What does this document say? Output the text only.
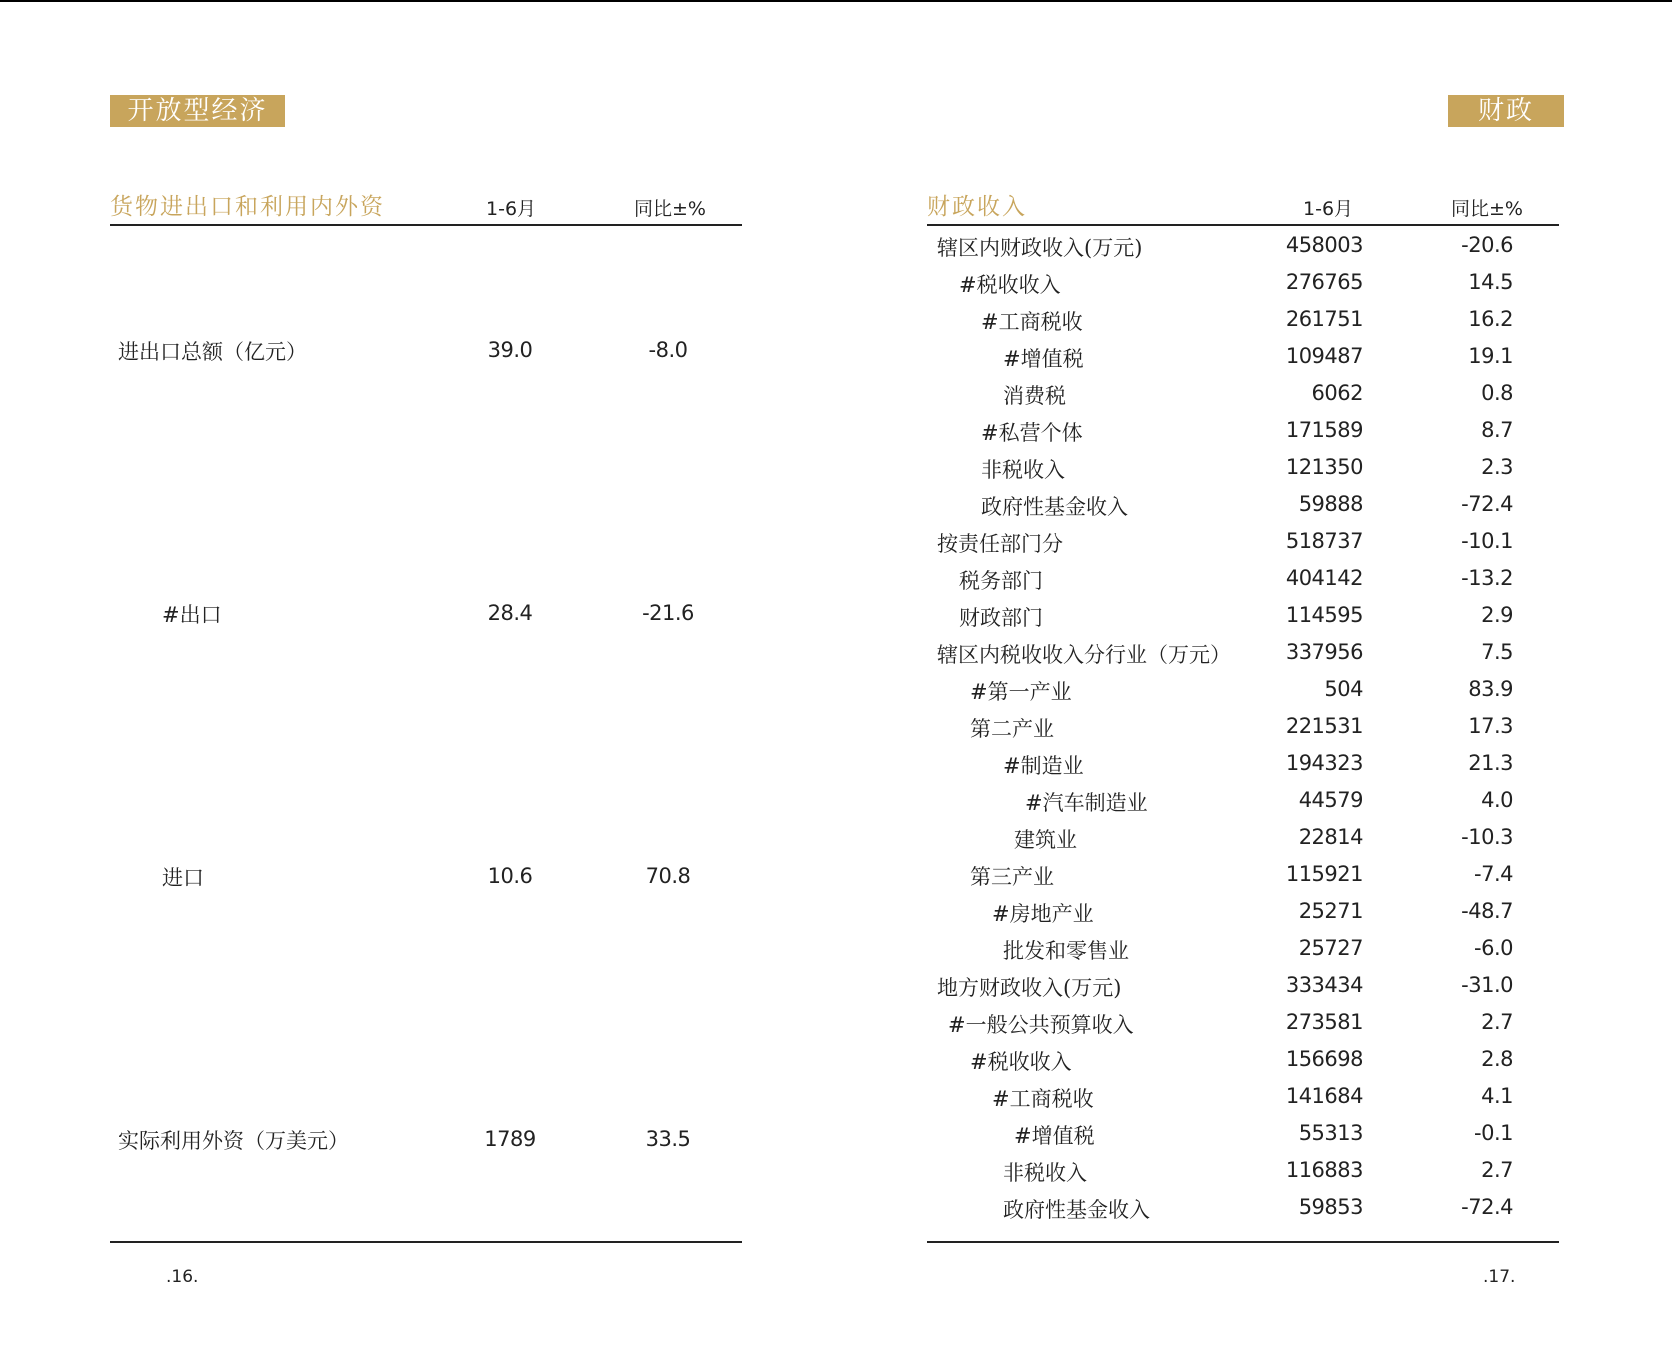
开放型经济	财政
货物进出口和利用内外资	1-6月	同比±%
进出口总额（亿元）	39.0	-8.0
#出口	28.4	-21.6
进口	10.6	70.8
实际利用外资（万美元）	1789	33.5
财政收入	1-6月	同比±%
辖区内财政收入(万元)	458003	-20.6
#税收收入	276765	14.5
#工商税收	261751	16.2
#增值税	109487	19.1
消费税	6062	0.8
#私营个体	171589	8.7
非税收入	121350	2.3
政府性基金收入	59888	-72.4
按责任部门分	518737	-10.1
税务部门	404142	-13.2
财政部门	114595	2.9
辖区内税收收入分行业（万元）	337956	7.5
#第一产业	504	83.9
第二产业	221531	17.3
#制造业	194323	21.3
#汽车制造业	44579	4.0
建筑业	22814	-10.3
第三产业	115921	-7.4
#房地产业	25271	-48.7
批发和零售业	25727	-6.0
地方财政收入(万元)	333434	-31.0
#一般公共预算收入	273581	2.7
#税收收入	156698	2.8
#工商税收	141684	4.1
#增值税	55313	-0.1
非税收入	116883	2.7
政府性基金收入	59853	-72.4
.16.	.17.
